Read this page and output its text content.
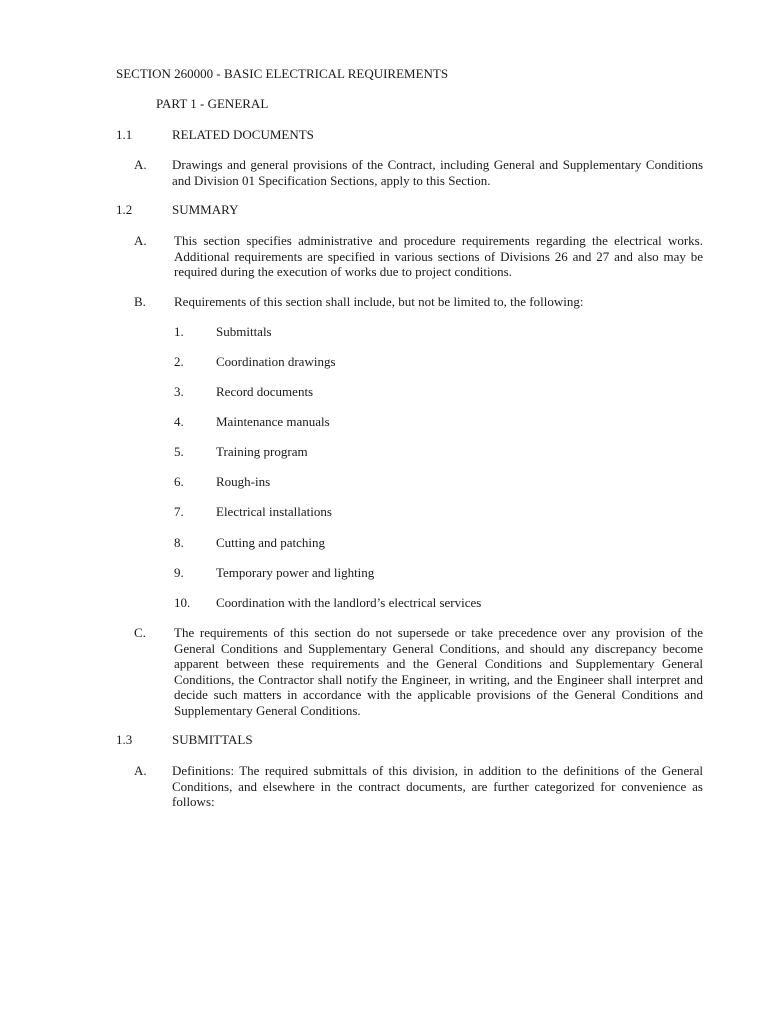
SECTION 260000 - BASIC ELECTRICAL REQUIREMENTS
PART 1 - GENERAL
1.1	RELATED DOCUMENTS
A. Drawings and general provisions of the Contract, including General and Supplementary Conditions and Division 01 Specification Sections, apply to this Section.
1.2	SUMMARY
A. This section specifies administrative and procedure requirements regarding the electrical works. Additional requirements are specified in various sections of Divisions 26 and 27 and also may be required during the execution of works due to project conditions.
B. Requirements of this section shall include, but not be limited to, the following:
1. Submittals
2. Coordination drawings
3. Record documents
4. Maintenance manuals
5. Training program
6. Rough-ins
7. Electrical installations
8. Cutting and patching
9. Temporary power and lighting
10. Coordination with the landlord’s electrical services
C. The requirements of this section do not supersede or take precedence over any provision of the General Conditions and Supplementary General Conditions, and should any discrepancy become apparent between these requirements and the General Conditions and Supplementary General Conditions, the Contractor shall notify the Engineer, in writing, and the Engineer shall interpret and decide such matters in accordance with the applicable provisions of the General Conditions and Supplementary General Conditions.
1.3	SUBMITTALS
A. Definitions: The required submittals of this division, in addition to the definitions of the General Conditions, and elsewhere in the contract documents, are further categorized for convenience as follows:
